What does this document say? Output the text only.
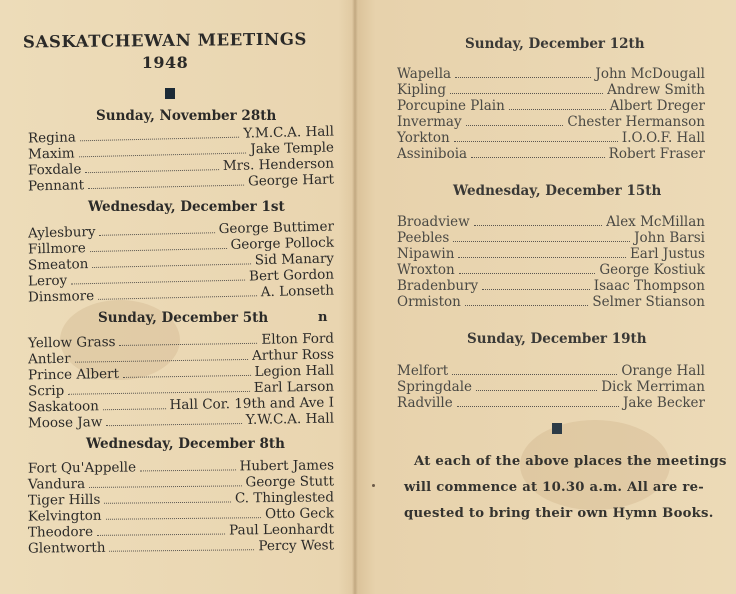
SASKATCHEWAN MEETINGS
1948
Sunday, November 28th
Regina	Y.M.C.A. Hall
Maxim	Jake Temple
Foxdale	Mrs. Henderson
Pennant	George Hart
Wednesday, December 1st
Aylesbury	George Buttimer
Fillmore	George Pollock
Smeaton	Sid Manary
Leroy	Bert Gordon
Dinsmore	A. Lonseth
Sunday, December 5th	n
Yellow Grass	Elton Ford
Antler	Arthur Ross
Prince Albert	Legion Hall
Scrip	Earl Larson
Saskatoon	Hall Cor. 19th and Ave I
Moose Jaw	Y.W.C.A. Hall
Wednesday, December 8th
Fort Qu'Appelle	Hubert James
Vandura	George Stutt
Tiger Hills	C. Thinglested
Kelvington	Otto Geck
Theodore	Paul Leonhardt
Glentworth	Percy West
Sunday, December 12th
Wapella	John McDougall
Kipling	Andrew Smith
Porcupine Plain	Albert Dreger
Invermay	Chester Hermanson
Yorkton	I.O.O.F. Hall
Assiniboia	Robert Fraser
Wednesday, December 15th
Broadview	Alex McMillan
Peebles	John Barsi
Nipawin	Earl Justus
Wroxton	George Kostiuk
Bradenbury	Isaac Thompson
Ormiston	Selmer Stianson
Sunday, December 19th
Melfort	Orange Hall
Springdale	Dick Merriman
Radville	Jake Becker
At each of the above places the meetings
will commence at 10.30 a.m. All are re-
quested to bring their own Hymn Books.
